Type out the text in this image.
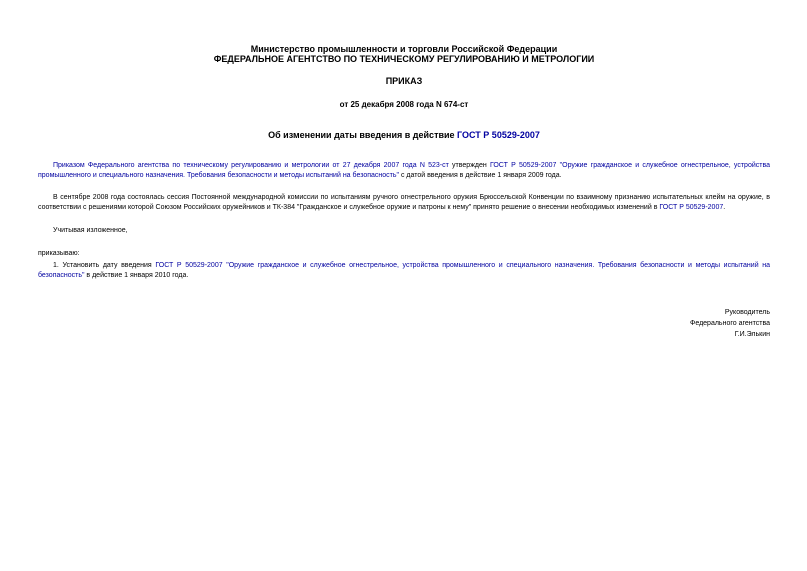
Министерство промышленности и торговли Российской Федерации
ФЕДЕРАЛЬНОЕ АГЕНТСТВО ПО ТЕХНИЧЕСКОМУ РЕГУЛИРОВАНИЮ И МЕТРОЛОГИИ
ПРИКАЗ
от 25 декабря 2008 года N 674-ст
Об изменении даты введения в действие ГОСТ Р 50529-2007

Приказом Федерального агентства по техническому регулированию и метрологии от 27 декабря 2007 года N 523-ст утвержден ГОСТ Р 50529-2007 "Оружие гражданское и служебное огнестрельное, устройства промышленного и специального назначения. Требования безопасности и методы испытаний на безопасность" с датой введения в действие 1 января 2009 года.

В сентябре 2008 года состоялась сессия Постоянной международной комиссии по испытаниям ручного огнестрельного оружия Брюссельской Конвенции по взаимному признанию испытательных клейм на оружие, в соответствии с решениями которой Союзом Российских оружейников и ТК-384 "Гражданское и служебное оружие и патроны к нему" принято решение о внесении необходимых изменений в ГОСТ Р 50529-2007.

Учитывая изложенное,

приказываю:

1. Установить дату введения ГОСТ Р 50529-2007 "Оружие гражданское и служебное огнестрельное, устройства промышленного и специального назначения. Требования безопасности и методы испытаний на безопасность" в действие 1 января 2010 года.

Руководитель
Федерального агентства
Г.И.Элькин
